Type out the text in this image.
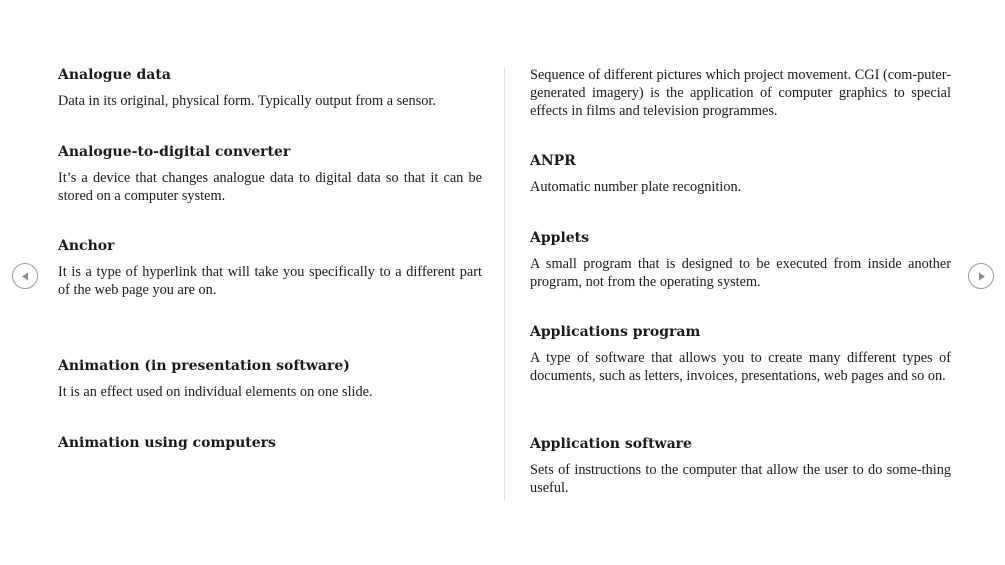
Analogue data

Data in its original, physical form. Typically output from a sensor.

Analogue-to-digital converter

It’s a device that changes analogue data to digital data so that it can be stored on a computer system.

Anchor

It is a type of hyperlink that will take you specifically to a different part of the web page you are on.

Animation (in presentation software)

It is an effect used on individual elements on one slide.

Animation using computers

Sequence of different pictures which project movement. CGI (com-puter-generated imagery) is the application of computer graphics to special effects in films and television programmes.

ANPR

Automatic number plate recognition.

Applets

A small program that is designed to be executed from inside another program, not from the operating system.

Applications program

A type of software that allows you to create many different types of documents, such as letters, invoices, presentations, web pages and so on.

Application software

Sets of instructions to the computer that allow the user to do some-thing useful.
